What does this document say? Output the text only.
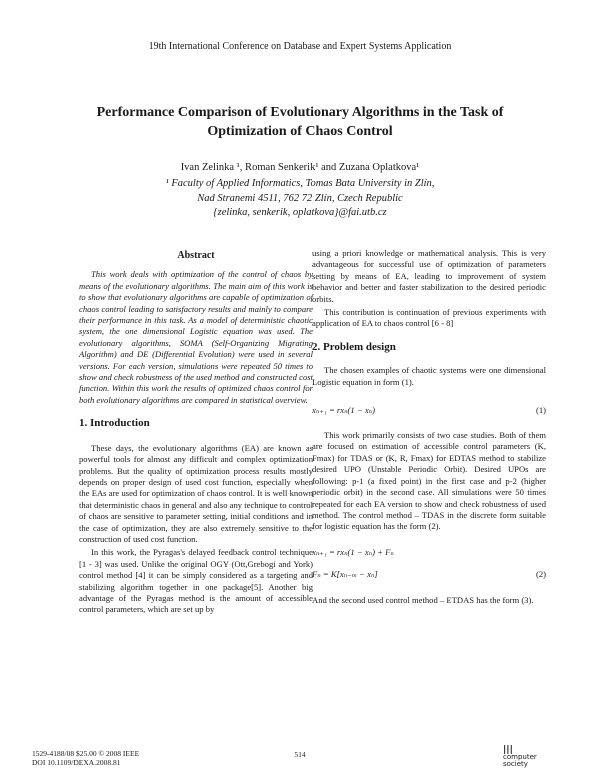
19th International Conference on Database and Expert Systems Application
Performance Comparison of Evolutionary Algorithms in the Task of
Optimization of Chaos Control
Ivan Zelinka ¹, Roman Senkerik¹ and Zuzana Oplatkova¹
¹ Faculty of Applied Informatics, Tomas Bata University in Zlín,
Nad Stranemi 4511, 762 72 Zlín, Czech Republic
{zelinka, senkerik, oplatkova}@fai.utb.cz
Abstract

This work deals with optimization of the control of chaos by means of the evolutionary algorithms. The main aim of this work is to show that evolutionary algorithms are capable of optimization of chaos control leading to satisfactory results and mainly to compare their performance in this task. As a model of deterministic chaotic system, the one dimensional Logistic equation was used. The evolutionary algorithms, SOMA (Self-Organizing Migrating Algorithm) and DE (Differential Evolution) were used in several versions. For each version, simulations were repeated 50 times to show and check robustness of the used method and constructed cost function. Within this work the results of optimized chaos control for both evolutionary algorithms are compared in statistical overview.

1. Introduction

These days, the evolutionary algorithms (EA) are known as powerful tools for almost any difficult and complex optimization problems. But the quality of optimization process results mostly depends on proper design of used cost function, especially when the EAs are used for optimization of chaos control. It is well known that deterministic chaos in general and also any technique to control of chaos are sensitive to parameter setting, initial conditions and in the case of optimization, they are also extremely sensitive to the construction of used cost function.

In this work, the Pyragas's delayed feedback control technique [1 - 3] was used. Unlike the original OGY (Ott,Grebogi and York) control method [4] it can be simply considered as a targeting and stabilizing algorithm together in one package[5]. Another big advantage of the Pyragas method is the amount of accessible control parameters, which are set up by

using a priori knowledge or mathematical analysis. This is very advantageous for successful use of optimization of parameters setting by means of EA, leading to improvement of system behavior and better and faster stabilization to the desired periodic orbits.

This contribution is continuation of previous experiments with application of EA to chaos control [6 - 8]

2. Problem design

The chosen examples of chaotic systems were one dimensional Logistic equation in form (1).

xₙ₊₁ = rxₙ(1 − xₙ)	(1)

This work primarily consists of two case studies. Both of them are focused on estimation of accessible control parameters (K, Fmax) for TDAS or (K, R, Fmax) for EDTAS method to stabilize desired UPO (Unstable Periodic Orbit). Desired UPOs are following: p-1 (a fixed point) in the first case and p-2 (higher periodic orbit) in the second case. All simulations were 50 times repeated for each EA version to show and check robustness of used method. The control method – TDAS in the discrete form suitable for logistic equation has the form (2).

xₙ₊₁ = rxₙ(1 − xₙ) + Fₙ
Fₙ = K[xₙ₋ₘ − xₙ]	(2)

And the second used control method – ETDAS has the form (3).

1529-4188/08 $25.00 © 2008 IEEE
DOI 10.1109/DEXA.2008.81
514	|||
computer
society
